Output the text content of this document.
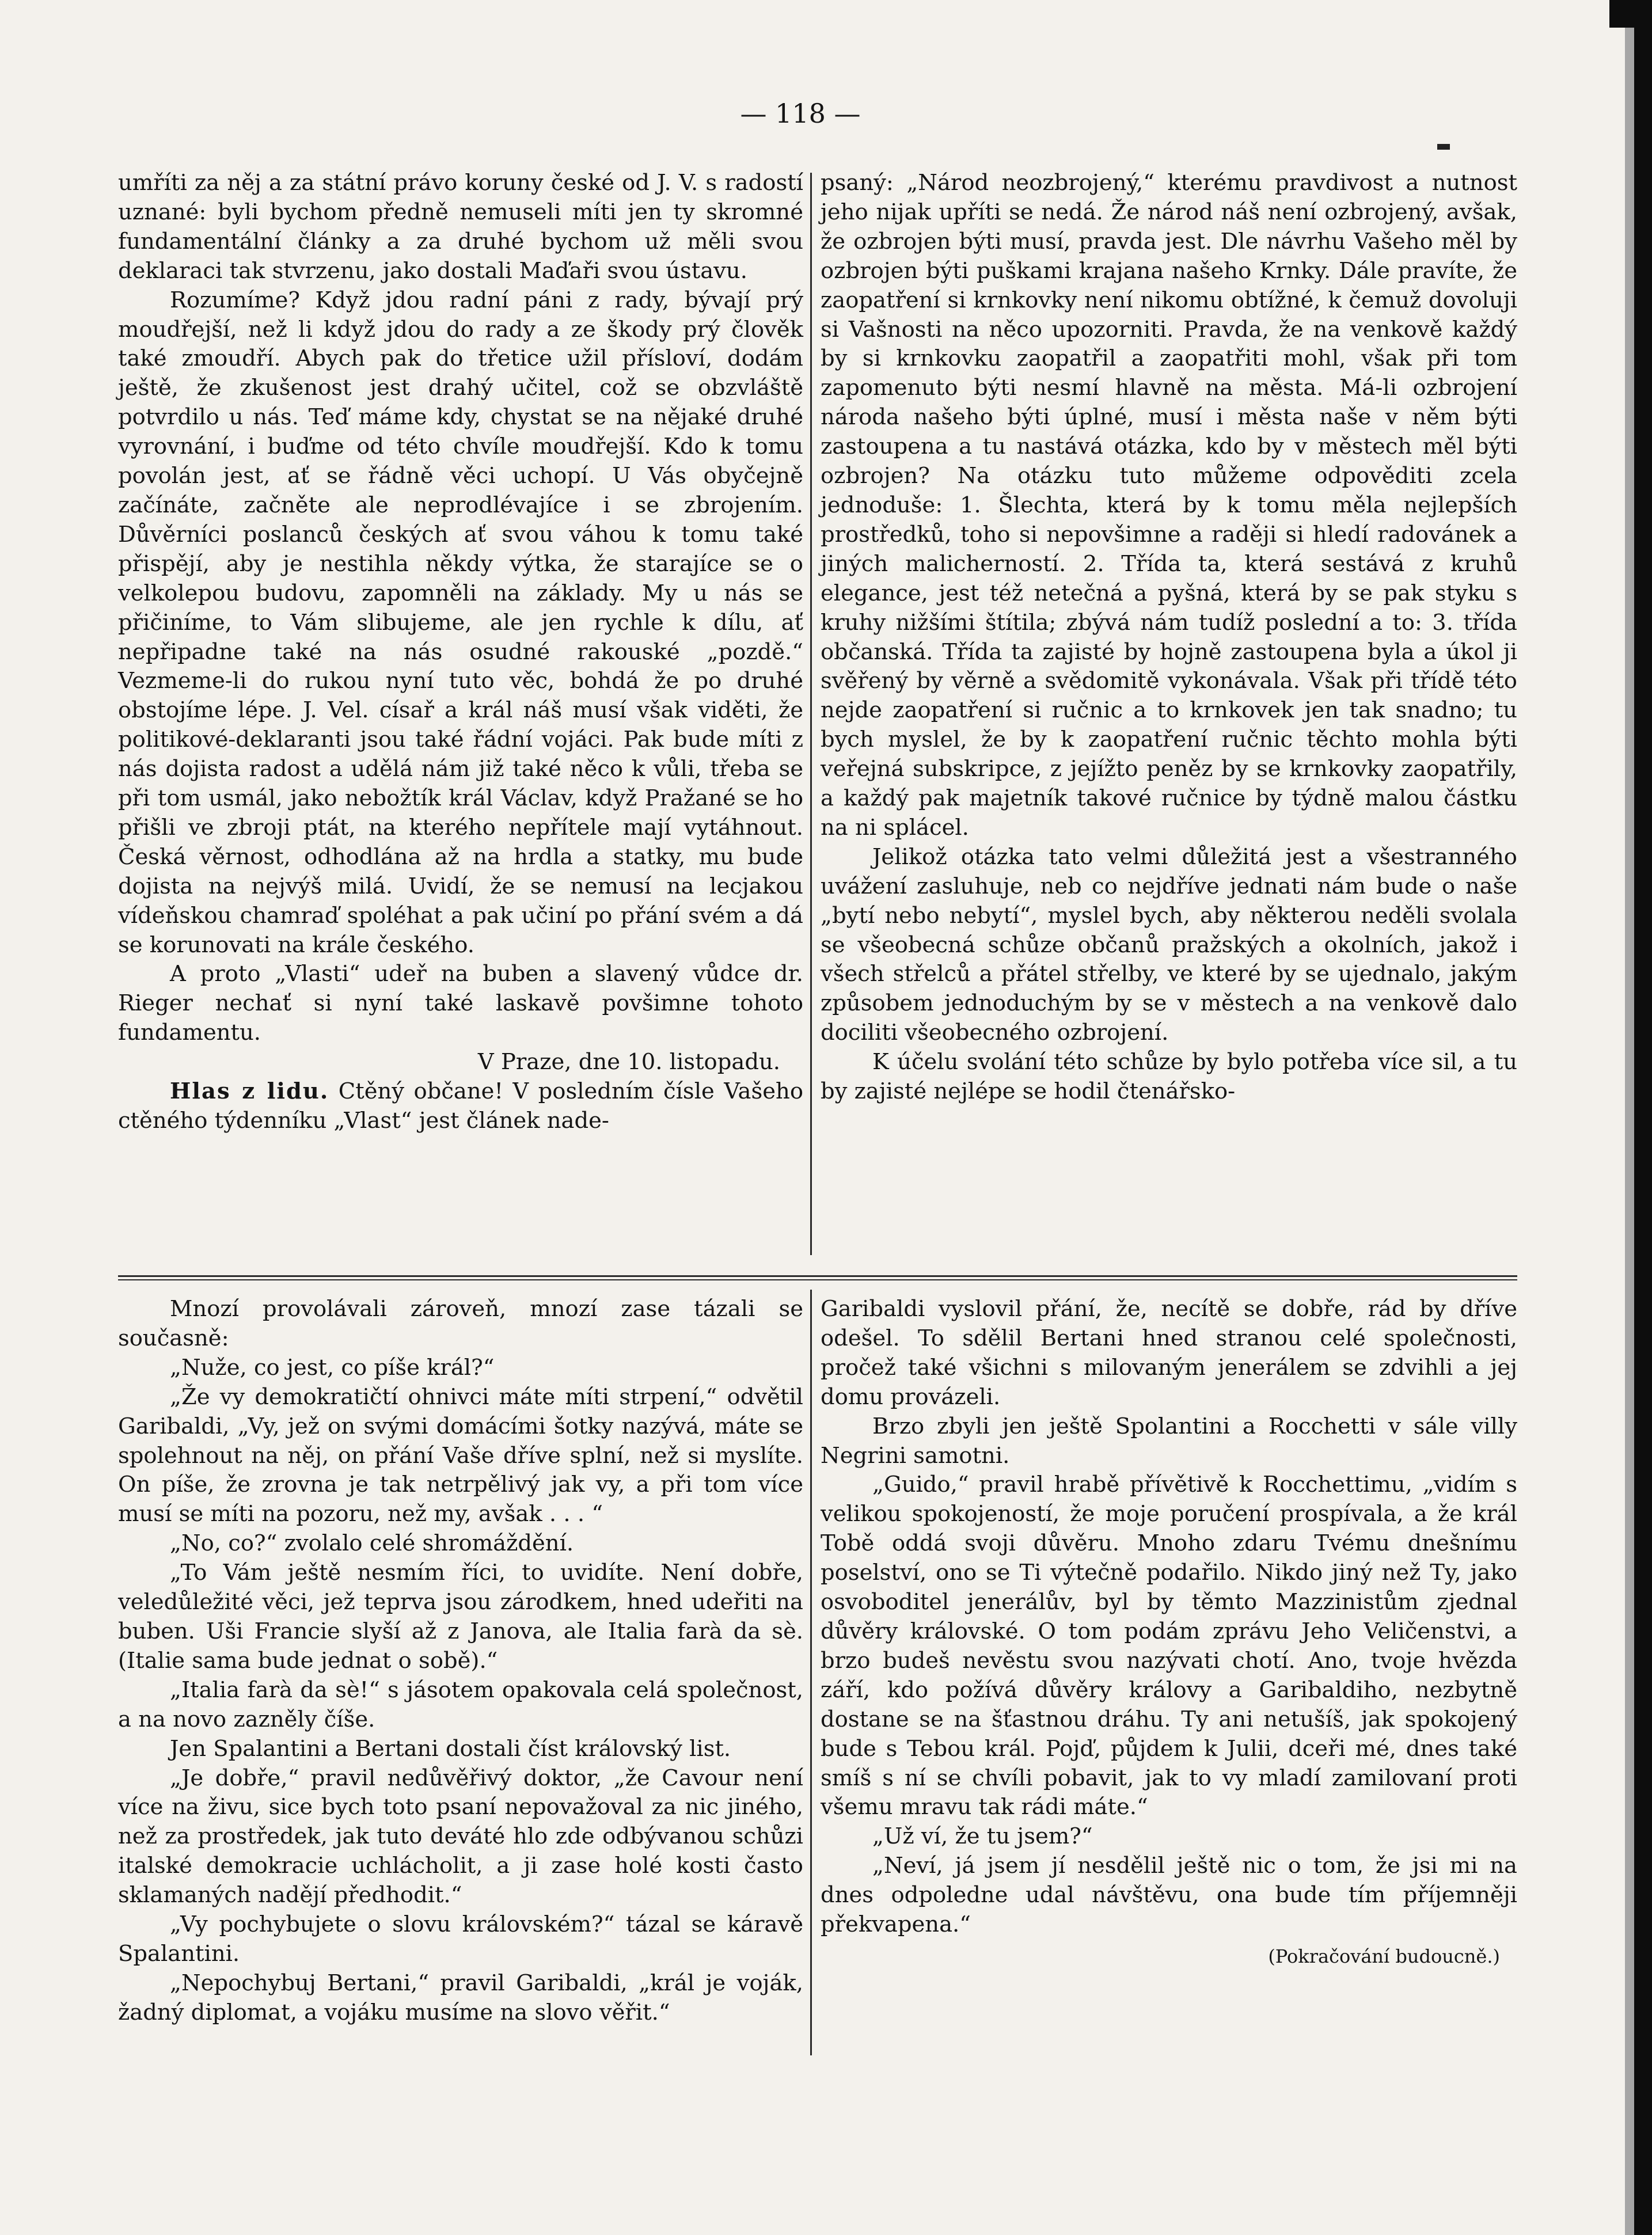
— 118 —

umříti za něj a za státní právo koruny české od J. V. s radostí uznané: byli bychom předně nemuseli míti jen ty skromné fundamentální články a za druhé bychom už měli svou deklaraci tak stvrzenu, jako dostali Maďaři svou ústavu.

Rozumíme? Když jdou radní páni z rady, bývají prý moudřejší, než li když jdou do rady a ze škody prý člověk také zmoudří. Abych pak do třetice užil přísloví, dodám ještě, že zkušenost jest drahý učitel, což se obzvláště potvrdilo u nás. Teď máme kdy, chystat se na nějaké druhé vyrovnání, i buďme od této chvíle moudřejší. Kdo k tomu povolán jest, ať se řádně věci uchopí. U Vás obyčejně začínáte, začněte ale neprodlévajíce i se zbrojením. Důvěrníci poslanců českých ať svou váhou k tomu také přispějí, aby je nestihla někdy výtka, že starajíce se o velkolepou budovu, zapomněli na základy. My u nás se přičiníme, to Vám slibujeme, ale jen rychle k dílu, ať nepřipadne také na nás osudné rakouské „pozdě.“ Vezmeme-li do rukou nyní tuto věc, bohdá že po druhé obstojíme lépe. J. Vel. císař a král náš musí však viděti, že politikové-deklaranti jsou také řádní vojáci. Pak bude míti z nás dojista radost a udělá nám již také něco k vůli, třeba se při tom usmál, jako nebožtík král Václav, když Pražané se ho přišli ve zbroji ptát, na kterého nepřítele mají vytáhnout. Česká věrnost, odhodlána až na hrdla a statky, mu bude dojista na nejvýš milá. Uvidí, že se nemusí na lecjakou vídeňskou chamraď spoléhat a pak učiní po přání svém a dá se korunovati na krále českého.

A proto „Vlasti“ udeř na buben a slavený vůdce dr. Rieger nechať si nyní také laskavě povšimne tohoto fundamentu.

V Praze, dne 10. listopadu.

Hlas z lidu. Ctěný občane! V posledním čísle Vašeho ctěného týdenníku „Vlast“ jest článek nade-

psaný: „Národ neozbrojený,“ kterému pravdivost a nutnost jeho nijak upříti se nedá. Že národ náš není ozbrojený, avšak, že ozbrojen býti musí, pravda jest. Dle návrhu Vašeho měl by ozbrojen býti puškami krajana našeho Krnky. Dále pravíte, že zaopatření si krnkovky není nikomu obtížné, k čemuž dovoluji si Vašnosti na něco upozorniti. Pravda, že na venkově každý by si krnkovku zaopatřil a zaopatřiti mohl, však při tom zapomenuto býti nesmí hlavně na města. Má-li ozbrojení národa našeho býti úplné, musí i města naše v něm býti zastoupena a tu nastává otázka, kdo by v městech měl býti ozbrojen? Na otázku tuto můžeme odpověditi zcela jednoduše: 1. Šlechta, která by k tomu měla nejlepších prostředků, toho si nepovšimne a raději si hledí radovánek a jiných malicherností. 2. Třída ta, která sestává z kruhů elegance, jest též netečná a pyšná, která by se pak styku s kruhy nižšími štítila; zbývá nám tudíž poslední a to: 3. třída občanská. Třída ta zajisté by hojně zastoupena byla a úkol ji svěřený by věrně a svědomitě vykonávala. Však při třídě této nejde zaopatření si ručnic a to krnkovek jen tak snadno; tu bych myslel, že by k zaopatření ručnic těchto mohla býti veřejná subskripce, z jejížto peněz by se krnkovky zaopatřily, a každý pak majetník takové ručnice by týdně malou částku na ni splácel.

Jelikož otázka tato velmi důležitá jest a všestranného uvážení zasluhuje, neb co nejdříve jednati nám bude o naše „bytí nebo nebytí“, myslel bych, aby některou neděli svolala se všeobecná schůze občanů pražských a okolních, jakož i všech střelců a přátel střelby, ve které by se ujednalo, jakým způsobem jednoduchým by se v městech a na venkově dalo dociliti všeobecného ozbrojení.

K účelu svolání této schůze by bylo potřeba více sil, a tu by zajisté nejlépe se hodil čtenářsko-

Mnozí provolávali zároveň, mnozí zase tázali se současně:

„Nuže, co jest, co píše král?“

„Že vy demokratičtí ohnivci máte míti strpení,“ odvětil Garibaldi, „Vy, jež on svými domácími šotky nazývá, máte se spolehnout na něj, on přání Vaše dříve splní, než si myslíte. On píše, že zrovna je tak netrpělivý jak vy, a při tom více musí se míti na pozoru, než my, avšak . . . “

„No, co?“ zvolalo celé shromáždění.

„To Vám ještě nesmím říci, to uvidíte. Není dobře, veledůležité věci, jež teprva jsou zárodkem, hned udeřiti na buben. Uši Francie slyší až z Janova, ale Italia farà da sè. (Italie sama bude jednat o sobě).“

„Italia farà da sè!“ s jásotem opakovala celá společnost, a na novo zazněly číše.

Jen Spalantini a Bertani dostali číst královský list.

„Je dobře,“ pravil nedůvěřivý doktor, „že Cavour není více na živu, sice bych toto psaní nepovažoval za nic jiného, než za prostředek, jak tuto deváté hlo zde odbývanou schůzi italské demokracie uchlácholit, a ji zase holé kosti často sklamaných nadějí předhodit.“

„Vy pochybujete o slovu královském?“ tázal se káravě Spalantini.

„Nepochybuj Bertani,“ pravil Garibaldi, „král je voják, žadný diplomat, a vojáku musíme na slovo věřit.“

Garibaldi vyslovil přání, že, necítě se dobře, rád by dříve odešel. To sdělil Bertani hned stranou celé společnosti, pročež také všichni s milovaným jenerálem se zdvihli a jej domu provázeli.

Brzo zbyli jen ještě Spolantini a Rocchetti v sále villy Negrini samotni.

„Guido,“ pravil hrabě přívětivě k Rocchettimu, „vidím s velikou spokojeností, že moje poručení prospívala, a že král Tobě oddá svoji důvěru. Mnoho zdaru Tvému dnešnímu poselství, ono se Ti výtečně podařilo. Nikdo jiný než Ty, jako osvoboditel jenerálův, byl by těmto Mazzinistům zjednal důvěry královské. O tom podám zprávu Jeho Veličenstvi, a brzo budeš nevěstu svou nazývati chotí. Ano, tvoje hvězda září, kdo požívá důvěry královy a Garibaldiho, nezbytně dostane se na šťastnou dráhu. Ty ani netušíš, jak spokojený bude s Tebou král. Pojď, půjdem k Julii, dceři mé, dnes také smíš s ní se chvíli pobavit, jak to vy mladí zamilovaní proti všemu mravu tak rádi máte.“

„Už ví, že tu jsem?“

„Neví, já jsem jí nesdělil ještě nic o tom, že jsi mi na dnes odpoledne udal návštěvu, ona bude tím příjemněji překvapena.“

(Pokračování budoucně.)
